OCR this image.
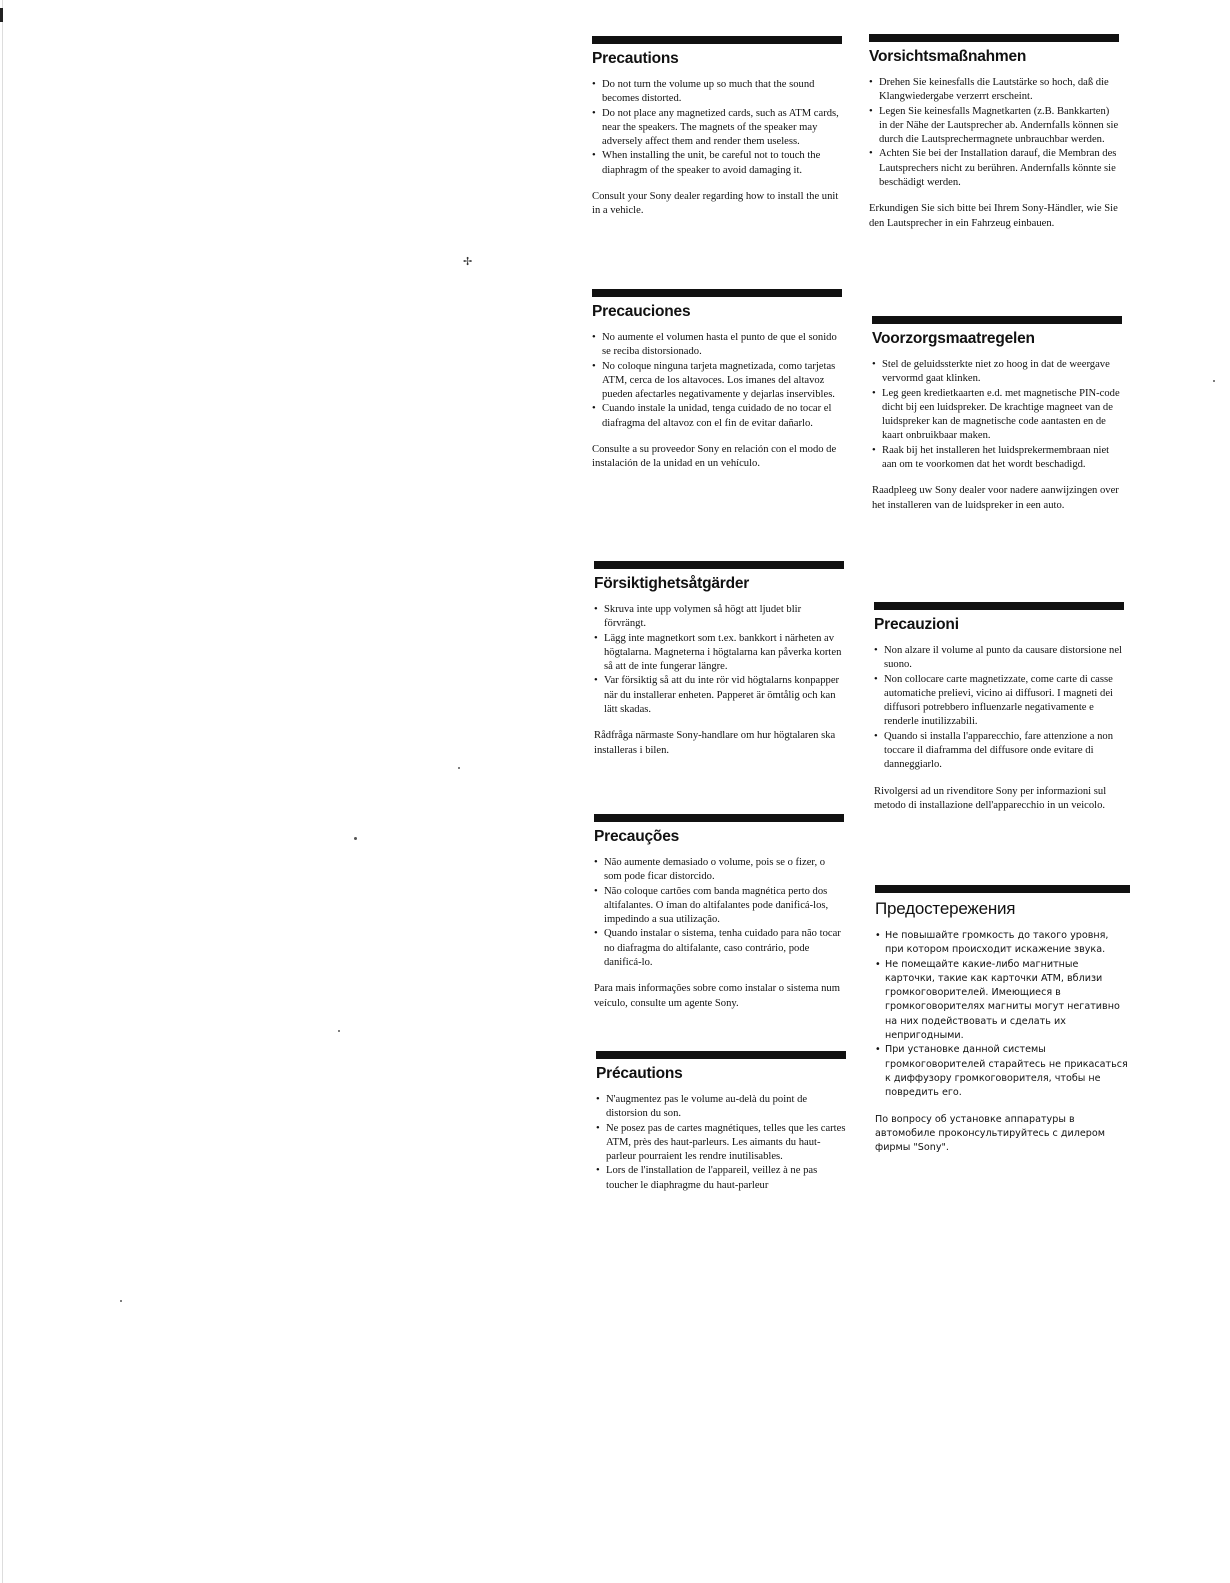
✢
Precautions
• Do not turn the volume up so much that the sound becomes distorted.
• Do not place any magnetized cards, such as ATM cards, near the speakers. The magnets of the speaker may adversely affect them and render them useless.
• When installing the unit, be careful not to touch the diaphragm of the speaker to avoid damaging it.

Consult your Sony dealer regarding how to install the unit in a vehicle.

Precauciones
• No aumente el volumen hasta el punto de que el sonido se reciba distorsionado.
• No coloque ninguna tarjeta magnetizada, como tarjetas ATM, cerca de los altavoces. Los imanes del altavoz pueden afectarles negativamente y dejarlas inservibles.
• Cuando instale la unidad, tenga cuidado de no tocar el diafragma del altavoz con el fin de evitar dañarlo.

Consulte a su proveedor Sony en relación con el modo de instalación de la unidad en un vehículo.

Försiktighetsåtgärder
• Skruva inte upp volymen så högt att ljudet blir förvrängt.
• Lägg inte magnetkort som t.ex. bankkort i närheten av högtalarna. Magneterna i högtalarna kan påverka korten så att de inte fungerar längre.
• Var försiktig så att du inte rör vid högtalarns konpapper när du installerar enheten. Papperet är ömtålig och kan lätt skadas.

Rådfråga närmaste Sony-handlare om hur högtalaren ska installeras i bilen.

Precauções
• Não aumente demasiado o volume, pois se o fizer, o som pode ficar distorcido.
• Não coloque cartões com banda magnética perto dos altifalantes. O íman do altifalantes pode danificá-los, impedindo a sua utilização.
• Quando instalar o sistema, tenha cuidado para não tocar no diafragma do altifalante, caso contrário, pode danificá-lo.

Para mais informações sobre como instalar o sistema num veículo, consulte um agente Sony.

Précautions
• N'augmentez pas le volume au-delà du point de distorsion du son.
• Ne posez pas de cartes magnétiques, telles que les cartes ATM, près des haut-parleurs. Les aimants du haut-parleur pourraient les rendre inutilisables.
• Lors de l'installation de l'appareil, veillez à ne pas toucher le diaphragme du haut-parleur
Vorsichtsmaßnahmen
• Drehen Sie keinesfalls die Lautstärke so hoch, daß die Klangwiedergabe verzerrt erscheint.
• Legen Sie keinesfalls Magnetkarten (z.B. Bankkarten) in der Nähe der Lautsprecher ab. Andernfalls können sie durch die Lautsprechermagnete unbrauchbar werden.
• Achten Sie bei der Installation darauf, die Membran des Lautsprechers nicht zu berühren. Andernfalls könnte sie beschädigt werden.

Erkundigen Sie sich bitte bei Ihrem Sony-Händler, wie Sie den Lautsprecher in ein Fahrzeug einbauen.

Voorzorgsmaatregelen
• Stel de geluidssterkte niet zo hoog in dat de weergave vervormd gaat klinken.
• Leg geen kredietkaarten e.d. met magnetische PIN-code dicht bij een luidspreker. De krachtige magneet van de luidspreker kan de magnetische code aantasten en de kaart onbruikbaar maken.
• Raak bij het installeren het luidsprekermembraan niet aan om te voorkomen dat het wordt beschadigd.

Raadpleeg uw Sony dealer voor nadere aanwijzingen over het installeren van de luidspreker in een auto.

Precauzioni
• Non alzare il volume al punto da causare distorsione nel suono.
• Non collocare carte magnetizzate, come carte di casse automatiche prelievi, vicino ai diffusori. I magneti dei diffusori potrebbero influenzarle negativamente e renderle inutilizzabili.
• Quando si installa l'apparecchio, fare attenzione a non toccare il diaframma del diffusore onde evitare di danneggiarlo.

Rivolgersi ad un rivenditore Sony per informazioni sul metodo di installazione dell'apparecchio in un veicolo.

Предостережения
• Не повышайте громкость до такого уровня, при котором происходит искажение звука.
• Не помещайте какие-либо магнитные карточки, такие как карточки ATM, вблизи громкоговорителей. Имеющиеся в громкоговорителях магниты могут негативно на них подействовать и сделать их непригодными.
• При установке данной системы громкоговорителей старайтесь не прикасаться к диффузору громкоговорителя, чтобы не повредить его.

По вопросу об установке аппаратуры в автомобиле проконсультируйтесь с дилером фирмы "Sony".
